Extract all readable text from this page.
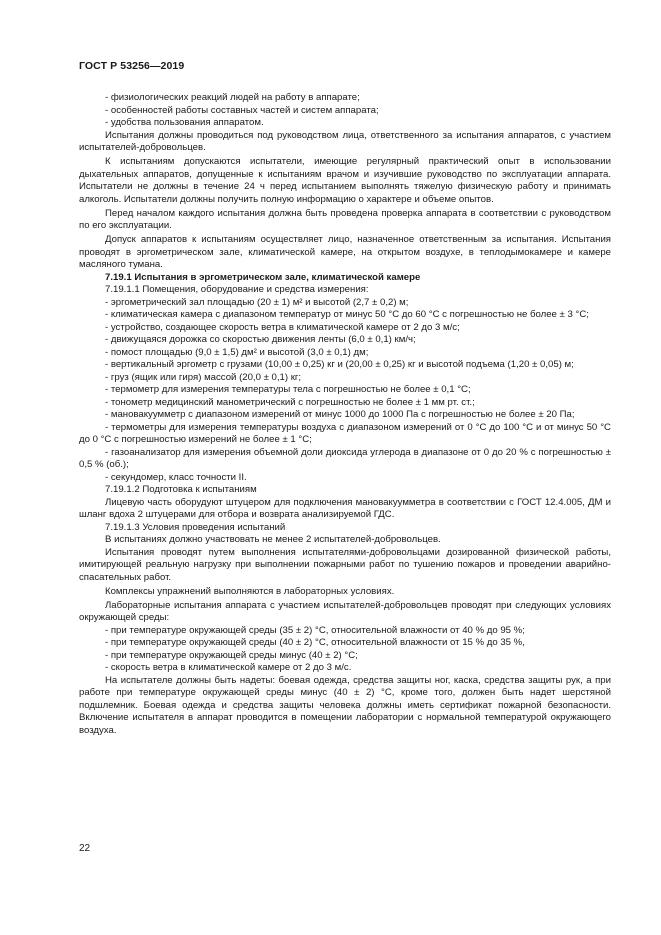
ГОСТ Р 53256—2019

- физиологических реакций людей на работу в аппарате;

- особенностей работы составных частей и систем аппарата;

- удобства пользования аппаратом.

Испытания должны проводиться под руководством лица, ответственного за испытания аппаратов, с участием испытателей-добровольцев.

К испытаниям допускаются испытатели, имеющие регулярный практический опыт в использовании дыхательных аппаратов, допущенные к испытаниям врачом и изучившие руководство по эксплуатации аппарата. Испытатели не должны в течение 24 ч перед испытанием выполнять тяжелую физическую работу и принимать алкоголь. Испытатели должны получить полную информацию о характере и объеме опытов.

Перед началом каждого испытания должна быть проведена проверка аппарата в соответствии с руководством по его эксплуатации.

Допуск аппаратов к испытаниям осуществляет лицо, назначенное ответственным за испытания. Испытания проводят в эргометрическом зале, климатической камере, на открытом воздухе, в теплодымокамере и камере масляного тумана.

7.19.1 Испытания в эргометрическом зале, климатической камере

7.19.1.1 Помещения, оборудование и средства измерения:

- эргометрический зал площадью (20 ± 1) м² и высотой (2,7 ± 0,2) м;

- климатическая камера с диапазоном температур от минус 50 °С до 60 °С с погрешностью не более ± 3 °С;

- устройство, создающее скорость ветра в климатической камере от 2 до 3 м/с;

- движущаяся дорожка со скоростью движения ленты (6,0 ± 0,1) км/ч;

- помост площадью (9,0 ± 1,5) дм² и высотой (3,0 ± 0,1) дм;

- вертикальный эргометр с грузами (10,00 ± 0,25) кг и (20,00 ± 0,25) кг и высотой подъема (1,20 ± 0,05) м;

- груз (ящик или гиря) массой (20,0 ± 0,1) кг;

- термометр для измерения температуры тела с погрешностью не более ± 0,1 °С;

- тонометр медицинский манометрический с погрешностью не более ± 1 мм рт. ст.;

- мановакуумметр с диапазоном измерений от минус 1000 до 1000 Па с погрешностью не более ± 20 Па;

- термометры для измерения температуры воздуха с диапазоном измерений от 0 °С до 100 °С и от минус 50 °С до 0 °С с погрешностью измерений не более ± 1 °С;

- газоанализатор для измерения объемной доли диоксида углерода в диапазоне от 0 до 20 % с погрешностью ± 0,5 % (об.);

- секундомер, класс точности II.

7.19.1.2 Подготовка к испытаниям

Лицевую часть оборудуют штуцером для подключения мановакуумметра в соответствии с ГОСТ 12.4.005, ДМ и шланг вдоха 2 штуцерами для отбора и возврата анализируемой ГДС.

7.19.1.3 Условия проведения испытаний

В испытаниях должно участвовать не менее 2 испытателей-добровольцев.

Испытания проводят путем выполнения испытателями-добровольцами дозированной физической работы, имитирующей реальную нагрузку при выполнении пожарными работ по тушению пожаров и проведении аварийно-спасательных работ.

Комплексы упражнений выполняются в лабораторных условиях.

Лабораторные испытания аппарата с участием испытателей-добровольцев проводят при следующих условиях окружающей среды:

- при температуре окружающей среды (35 ± 2) °С, относительной влажности от 40 % до 95 %;

- при температуре окружающей среды (40 ± 2) °С, относительной влажности от 15 % до 35 %,

- при температуре окружающей среды минус (40 ± 2) °С;

- скорость ветра в климатической камере от 2 до 3 м/с.

На испытателе должны быть надеты: боевая одежда, средства защиты ног, каска, средства защиты рук, а при работе при температуре окружающей среды минус (40 ± 2) °С, кроме того, должен быть надет шерстяной подшлемник. Боевая одежда и средства защиты человека должны иметь сертификат пожарной безопасности. Включение испытателя в аппарат проводится в помещении лаборатории с нормальной температурой окружающего воздуха.

22
